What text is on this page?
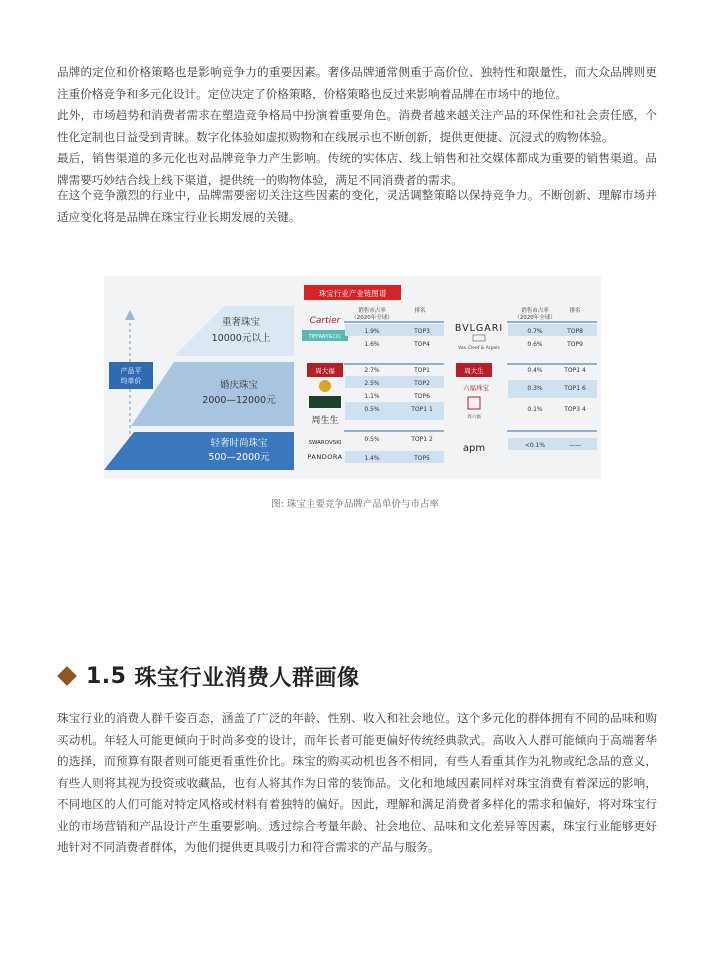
品牌的定位和价格策略也是影响竞争力的重要因素。奢侈品牌通常侧重于高价位、独特性和限量性，而大众品牌则更注重价格竞争和多元化设计。定位决定了价格策略，价格策略也反过来影响着品牌在市场中的地位。

此外，市场趋势和消费者需求在塑造竞争格局中扮演着重要角色。消费者越来越关注产品的环保性和社会责任感，个性化定制也日益受到青睐。数字化体验如虚拟购物和在线展示也不断创新，提供更便捷、沉浸式的购物体验。

最后，销售渠道的多元化也对品牌竞争力产生影响。传统的实体店、线上销售和社交媒体都成为重要的销售渠道。品牌需要巧妙结合线上线下渠道，提供统一的购物体验，满足不同消费者的需求。

在这个竞争激烈的行业中，品牌需要密切关注这些因素的变化，灵活调整策略以保持竞争力。不断创新、理解市场并适应变化将是品牌在珠宝行业长期发展的关键。

珠宝行业产业链图谱
产品平
均单价
重奢珠宝
10000元以上
婚庆珠宝
2000—12000元
轻奢时尚珠宝
500—2000元
Cartier
TIFFANY&CO.
周大福
周生生
SWAROVSKI
PANDORA
销售市占率
（2020年全球）
排名
1.9%	TOP3
1.6%	TOP4
2.7%	TOP1
2.5%	TOP2
1.1%	TOP6
0.5%	TOP1 1
0.5%	TOP1 2
1.4%	TOP5
BVLGARI
Van Cleef & Arpels
周大生
六福珠宝
周六福
apm
销售市占率
（2020年全球）
排名
0.7%	TOP8
0.6%	TOP9
0.4%	TOP1 4
0.3%	TOP1 6
0.1%	TOP3 4
<0.1%	——
图: 珠宝主要竞争品牌产品单价与市占率
1.5 珠宝行业消费人群画像

珠宝行业的消费人群千姿百态，涵盖了广泛的年龄、性别、收入和社会地位。这个多元化的群体拥有不同的品味和购买动机。年轻人可能更倾向于时尚多变的设计，而年长者可能更偏好传统经典款式。高收入人群可能倾向于高端奢华的选择，而预算有限者则可能更看重性价比。珠宝的购买动机也各不相同，有些人看重其作为礼物或纪念品的意义，有些人则将其视为投资或收藏品，也有人将其作为日常的装饰品。文化和地域因素同样对珠宝消费有着深远的影响，不同地区的人们可能对特定风格或材料有着独特的偏好。因此，理解和满足消费者多样化的需求和偏好，将对珠宝行业的市场营销和产品设计产生重要影响。透过综合考量年龄、社会地位、品味和文化差异等因素，珠宝行业能够更好地针对不同消费者群体，为他们提供更具吸引力和符合需求的产品与服务。
